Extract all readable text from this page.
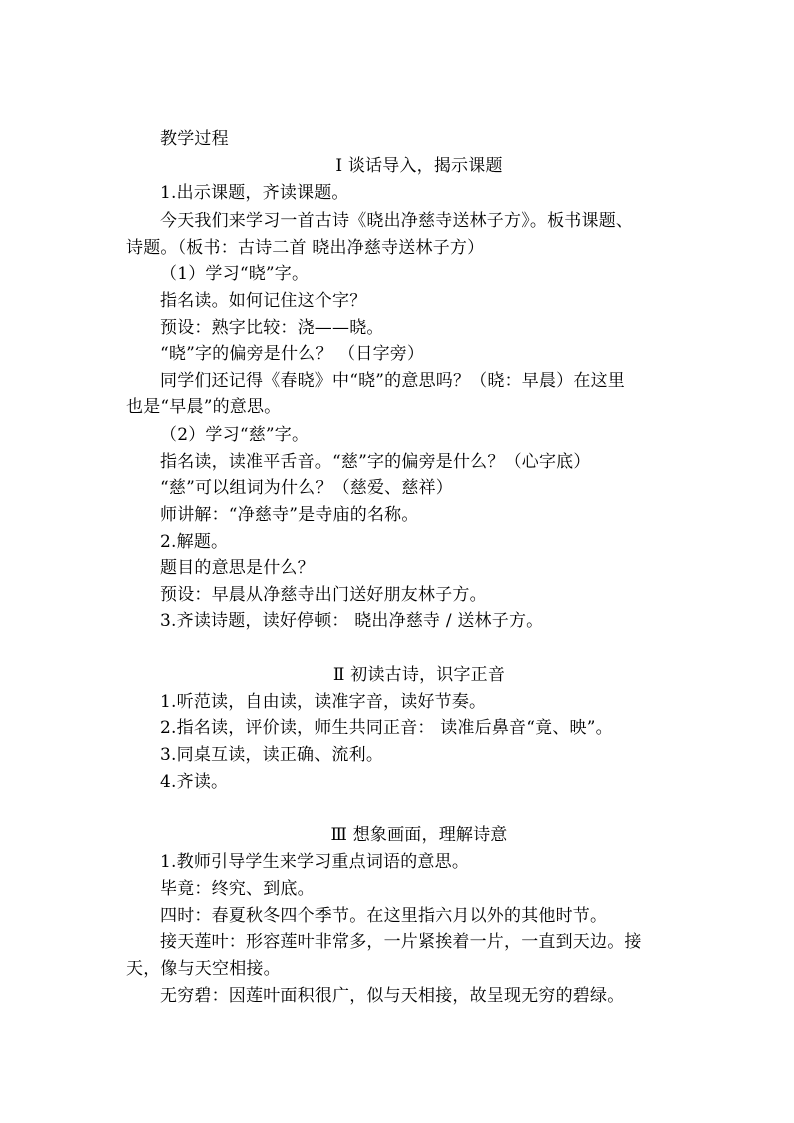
教学过程
Ⅰ 谈话导入，揭示课题
1.出示课题，齐读课题。
今天我们来学习一首古诗《晓出净慈寺送林子方》。板书课题、
诗题。（板书：古诗二首 晓出净慈寺送林子方）
（1）学习“晓”字。
指名读。如何记住这个字？
预设：熟字比较：浇——晓。
“晓”字的偏旁是什么？ （日字旁）
同学们还记得《春晓》中“晓”的意思吗？（晓：早晨）在这里
也是“早晨”的意思。
（2）学习“慈”字。
指名读，读准平舌音。“慈”字的偏旁是什么？（心字底）
“慈”可以组词为什么？（慈爱、慈祥）
师讲解：“净慈寺”是寺庙的名称。
2.解题。
题目的意思是什么？
预设：早晨从净慈寺出门送好朋友林子方。
3.齐读诗题，读好停顿： 晓出净慈寺 / 送林子方。
Ⅱ 初读古诗，识字正音
1.听范读，自由读，读准字音，读好节奏。
2.指名读，评价读，师生共同正音： 读准后鼻音“竟、映”。
3.同桌互读，读正确、流利。
4.齐读。
Ⅲ 想象画面，理解诗意
1.教师引导学生来学习重点词语的意思。
毕竟：终究、到底。
四时：春夏秋冬四个季节。在这里指六月以外的其他时节。
接天莲叶：形容莲叶非常多，一片紧挨着一片，一直到天边。接
天，像与天空相接。
无穷碧：因莲叶面积很广，似与天相接，故呈现无穷的碧绿。
